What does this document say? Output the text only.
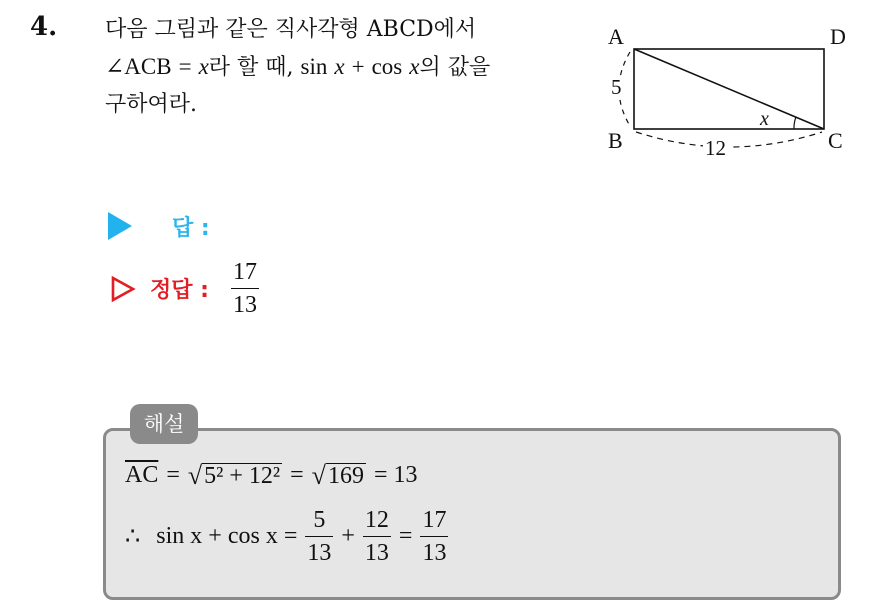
4. 다음 그림과 같은 직사각형 ABCD에서
∠ACB = x라 할 때, sin x + cos x의 값을
구하여라.
A	D
B	C
5
12
x
답 :
정답 : $\frac{17}{13}$
해설
$\overline{AC}$ = √ 5² + 12² = √ 169 = 13
∴ $\sin x + \cos x = \frac{5}{13} + \frac{12}{13} = \frac{17}{13}$
